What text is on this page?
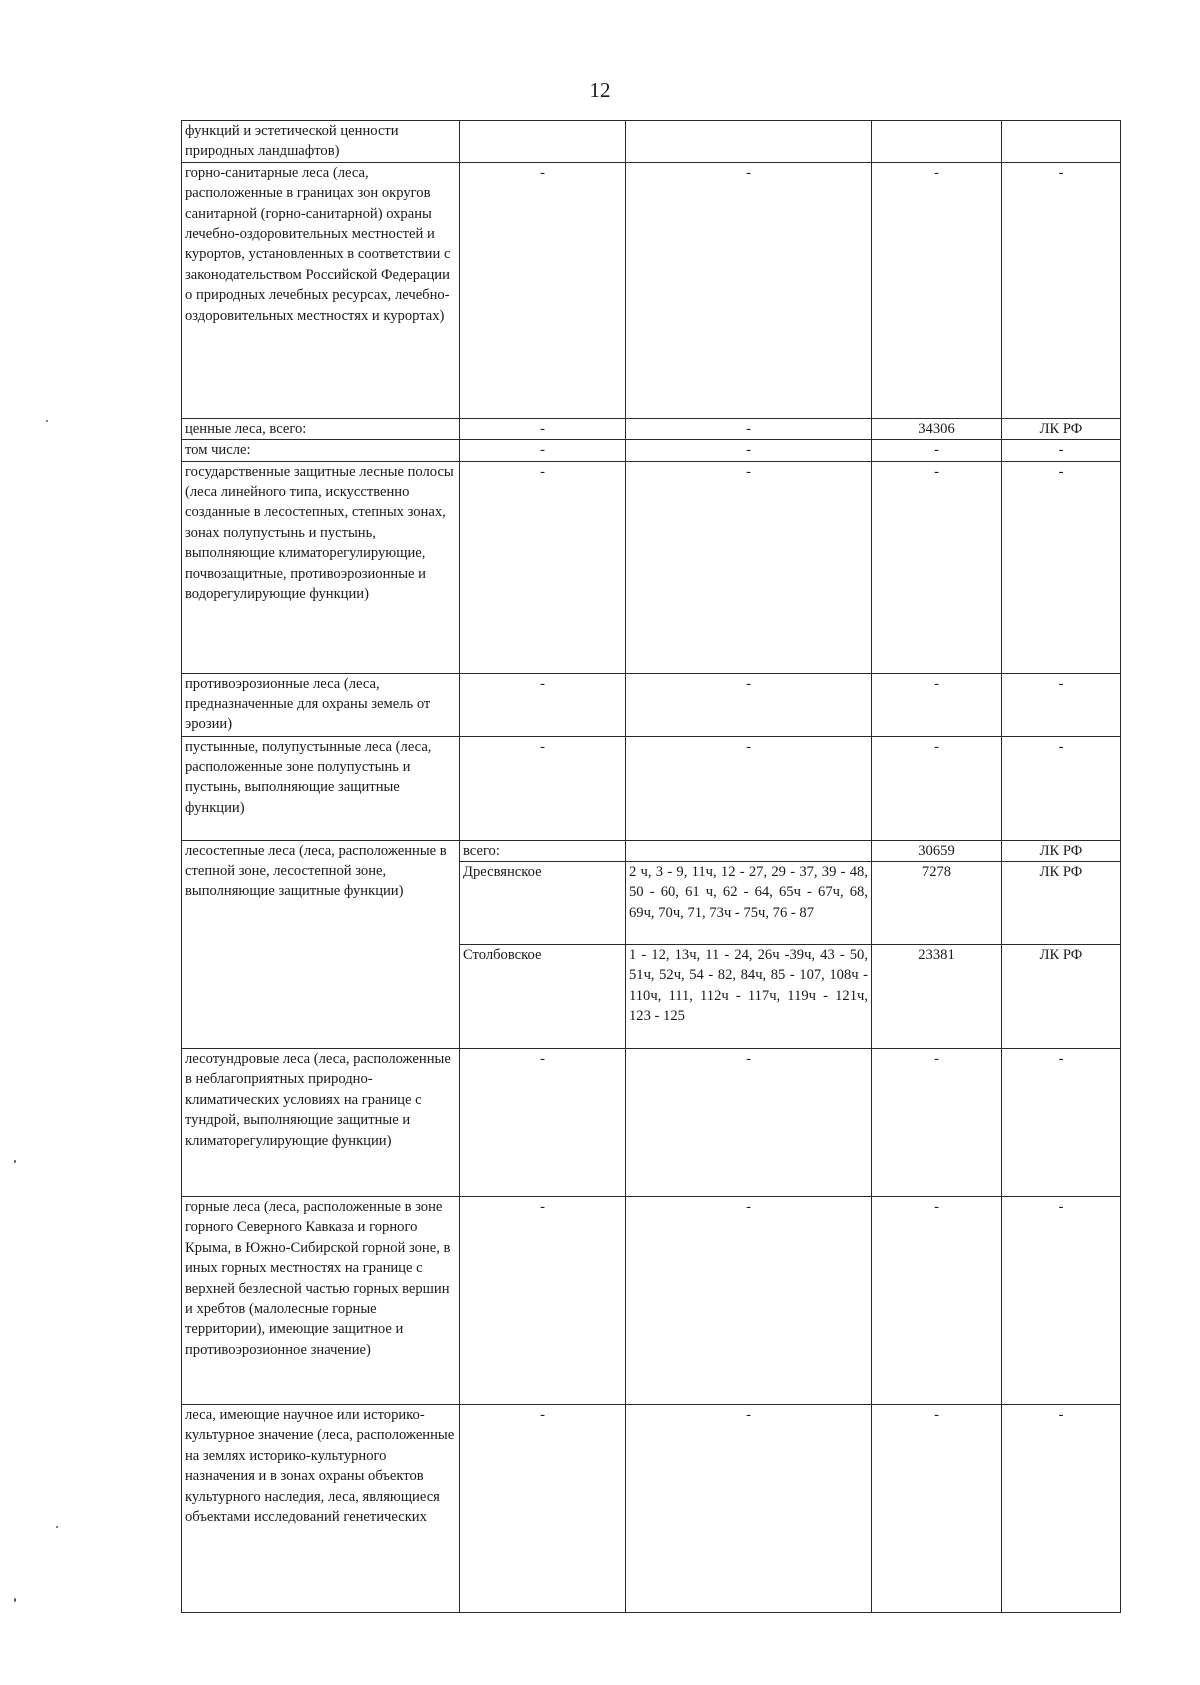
12
функций и эстетической ценности природных ландшафтов)				
горно-санитарные леса (леса, расположенные в границах зон округов санитарной (горно-санитарной) охраны лечебно-оздоровительных местностей и курортов, установленных в соответствии с законодательством Российской Федерации о природных лечебных ресурсах, лечебно-оздоровительных местностях и курортах)	-	-	-	-
ценные леса, всего:	-	-	34306	ЛК РФ
том числе:	-	-	-	-
государственные защитные лесные полосы (леса линейного типа, искусственно созданные в лесостепных, степных зонах, зонах полупустынь и пустынь, выполняющие климаторегулирующие, почвозащитные, противоэрозионные и водорегулирующие функции)	-	-	-	-
противоэрозионные леса (леса, предназначенные для охраны земель от эрозии)	-	-	-	-
пустынные, полупустынные леса (леса, расположенные зоне полупустынь и пустынь, выполняющие защитные функции)	-	-	-	-
лесостепные леса (леса, расположенные в степной зоне, лесостепной зоне, выполняющие защитные функции)	всего:		30659	ЛК РФ
	Дресвянское	2 ч, 3 - 9, 11ч, 12 - 27, 29 - 37, 39 - 48, 50 - 60, 61 ч, 62 - 64, 65ч - 67ч, 68, 69ч, 70ч, 71, 73ч - 75ч, 76 - 87	7278	ЛК РФ
	Столбовское	1 - 12, 13ч, 11 - 24, 26ч -39ч, 43 - 50, 51ч, 52ч, 54 - 82, 84ч, 85 - 107, 108ч - 110ч, 111, 112ч - 117ч, 119ч - 121ч, 123 - 125	23381	ЛК РФ
лесотундровые леса (леса, расположенные в неблагоприятных природно-климатических условиях на границе с тундрой, выполняющие защитные и климаторегулирующие функции)	-	-	-	-
горные леса (леса, расположенные в зоне горного Северного Кавказа и горного Крыма, в Южно-Сибирской горной зоне, в иных горных местностях на границе с верхней безлесной частью горных вершин и хребтов (малолесные горные территории), имеющие защитное и противоэрозионное значение)	-	-	-	-
леса, имеющие научное или историко-культурное значение (леса, расположенные на землях историко-культурного назначения и в зонах охраны объектов культурного наследия, леса, являющиеся объектами исследований генетических	-	-	-	-
